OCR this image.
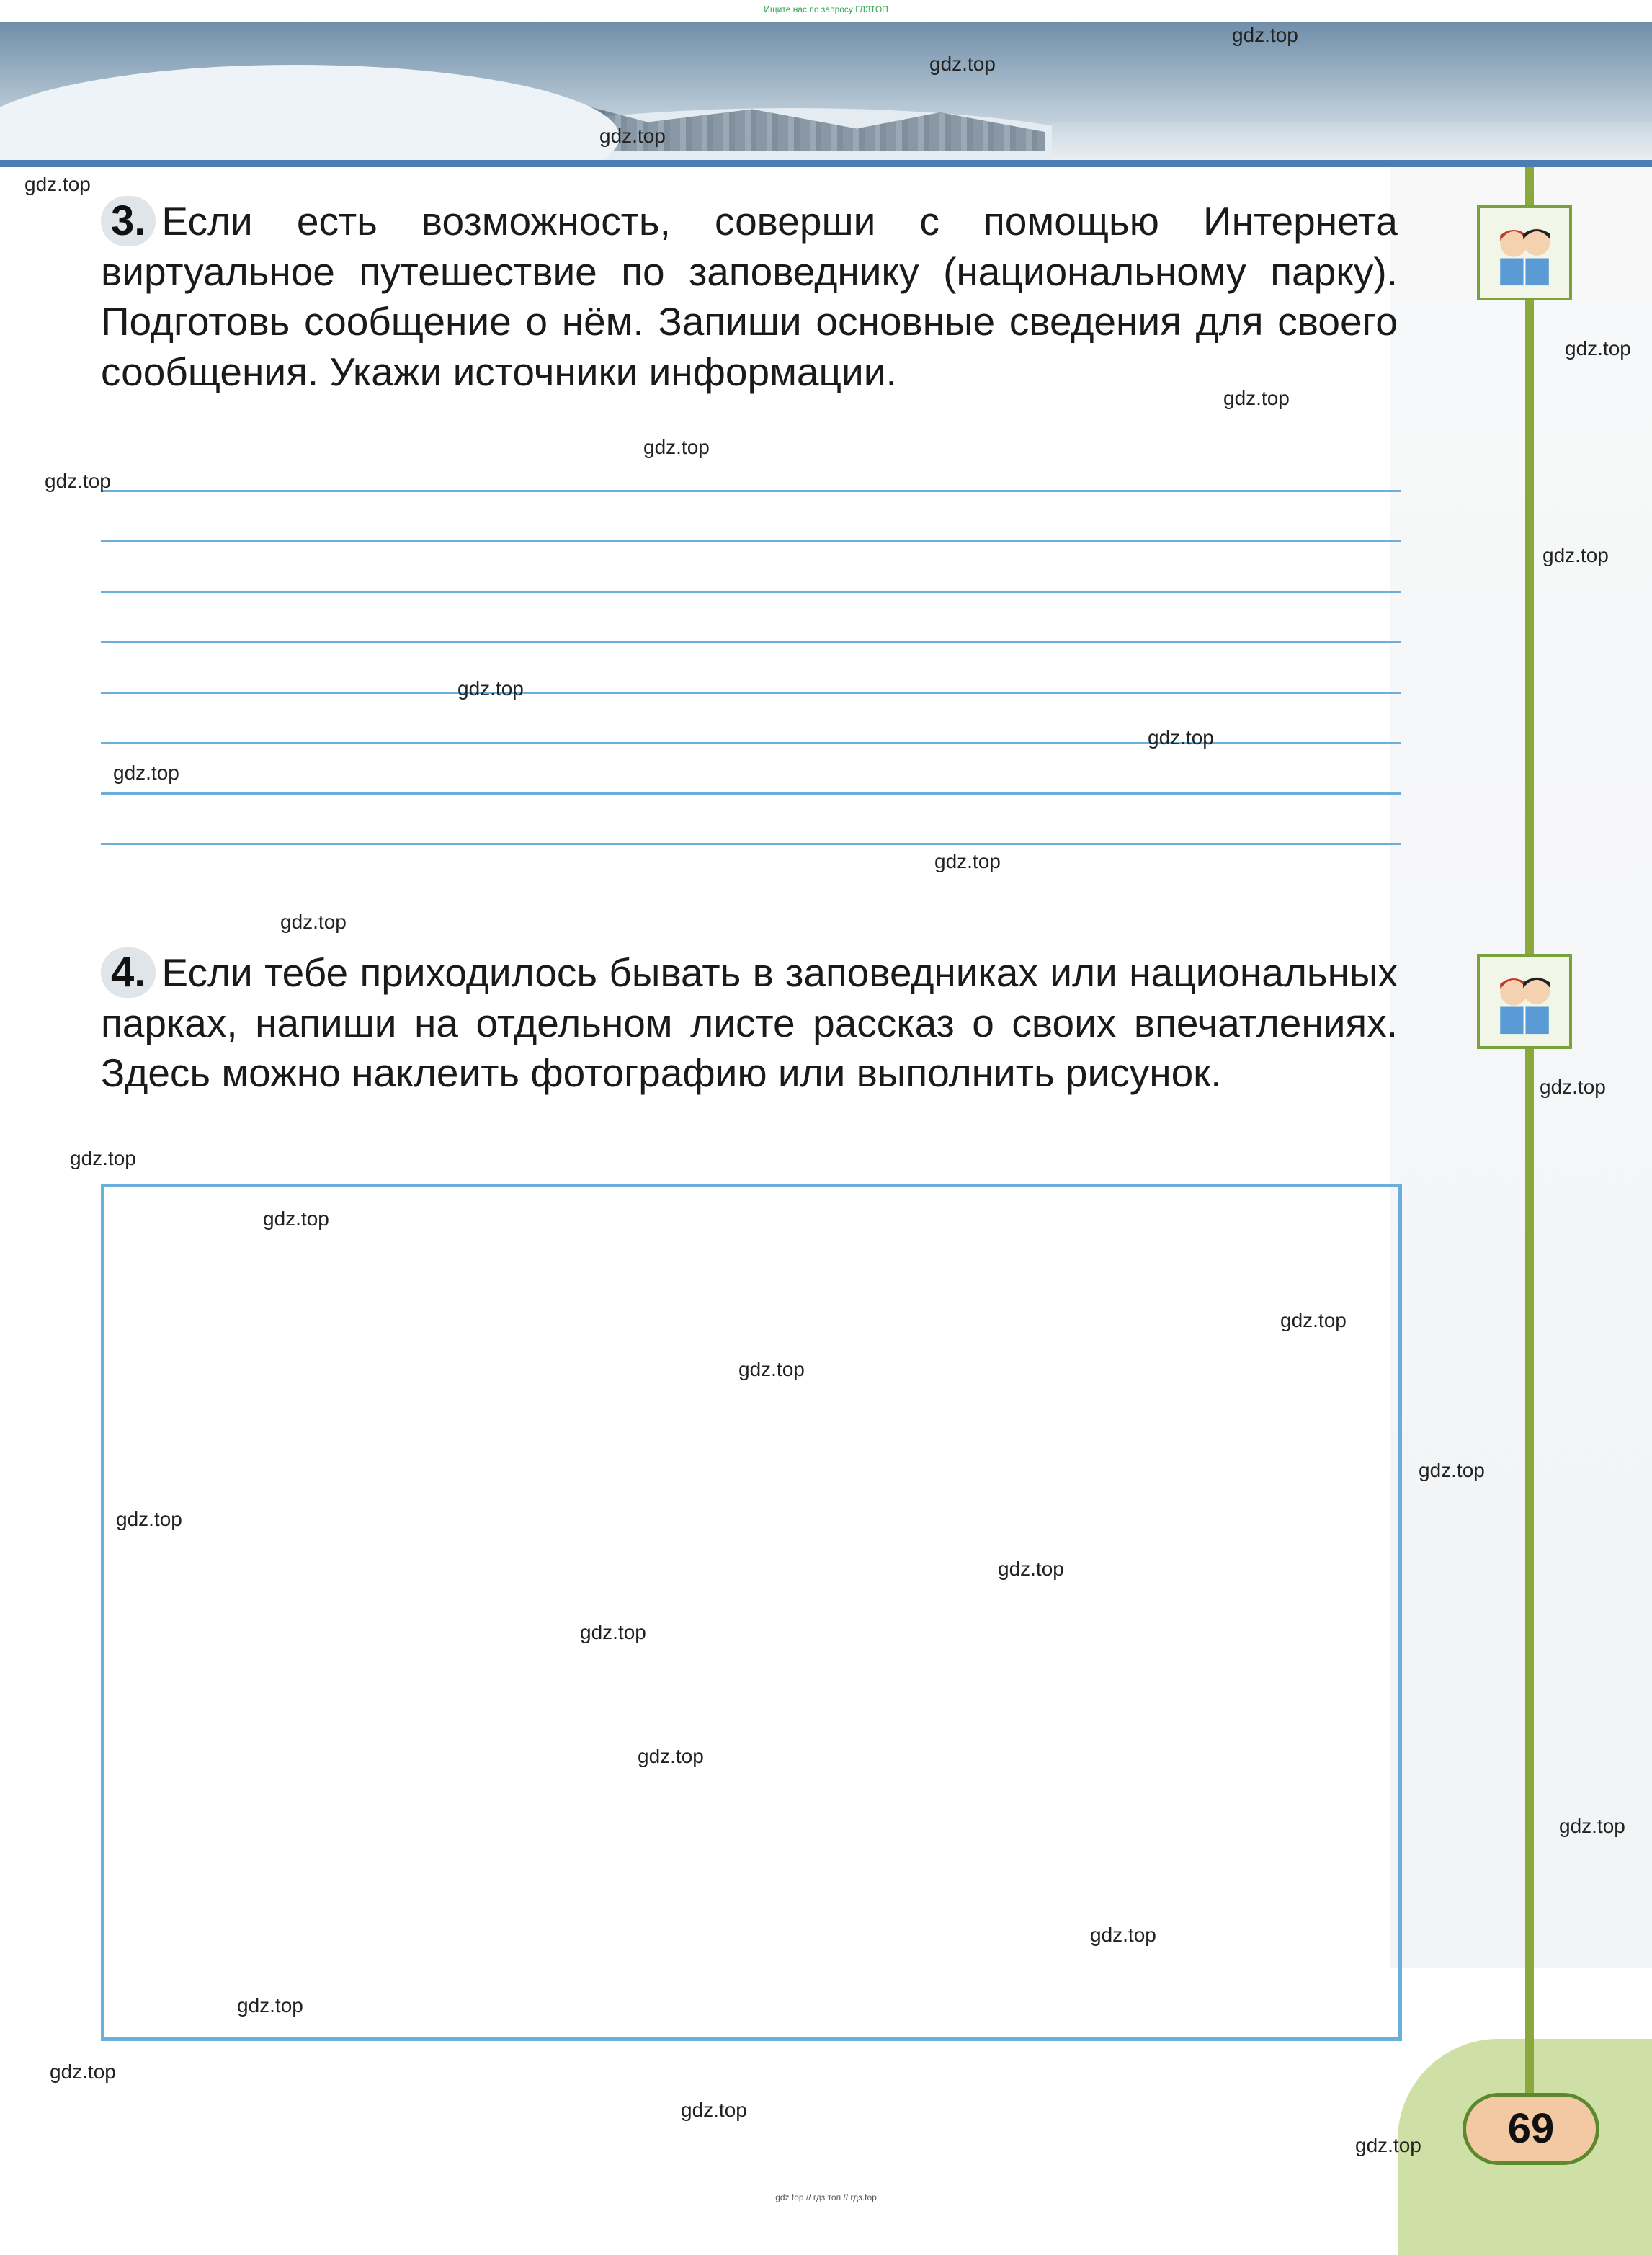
Ищите нас по запросу ГДЗТОП
3. Если есть возможность, соверши с помощью Интернета виртуальное путешествие по заповеднику (национальному парку). Подготовь сообщение о нём. Запиши основные сведения для своего сообщения. Укажи источники информации.
4. Если тебе приходилось бывать в заповедниках или национальных парках, напиши на отдельном листе рассказ о своих впечатлениях. Здесь можно наклеить фотографию или выполнить рисунок.
69
gdz.top
gdz.top
gdz.top
gdz.top
gdz.top
gdz.top
gdz.top
gdz.top
gdz.top
gdz.top
gdz.top
gdz.top
gdz.top
gdz.top
gdz.top
gdz.top
gdz.top
gdz.top
gdz.top
gdz.top
gdz.top
gdz.top
gdz.top
gdz.top
gdz.top
gdz.top
gdz.top
gdz.top
gdz.top
gdz.top
gdz top // гдз топ // гдз.top
